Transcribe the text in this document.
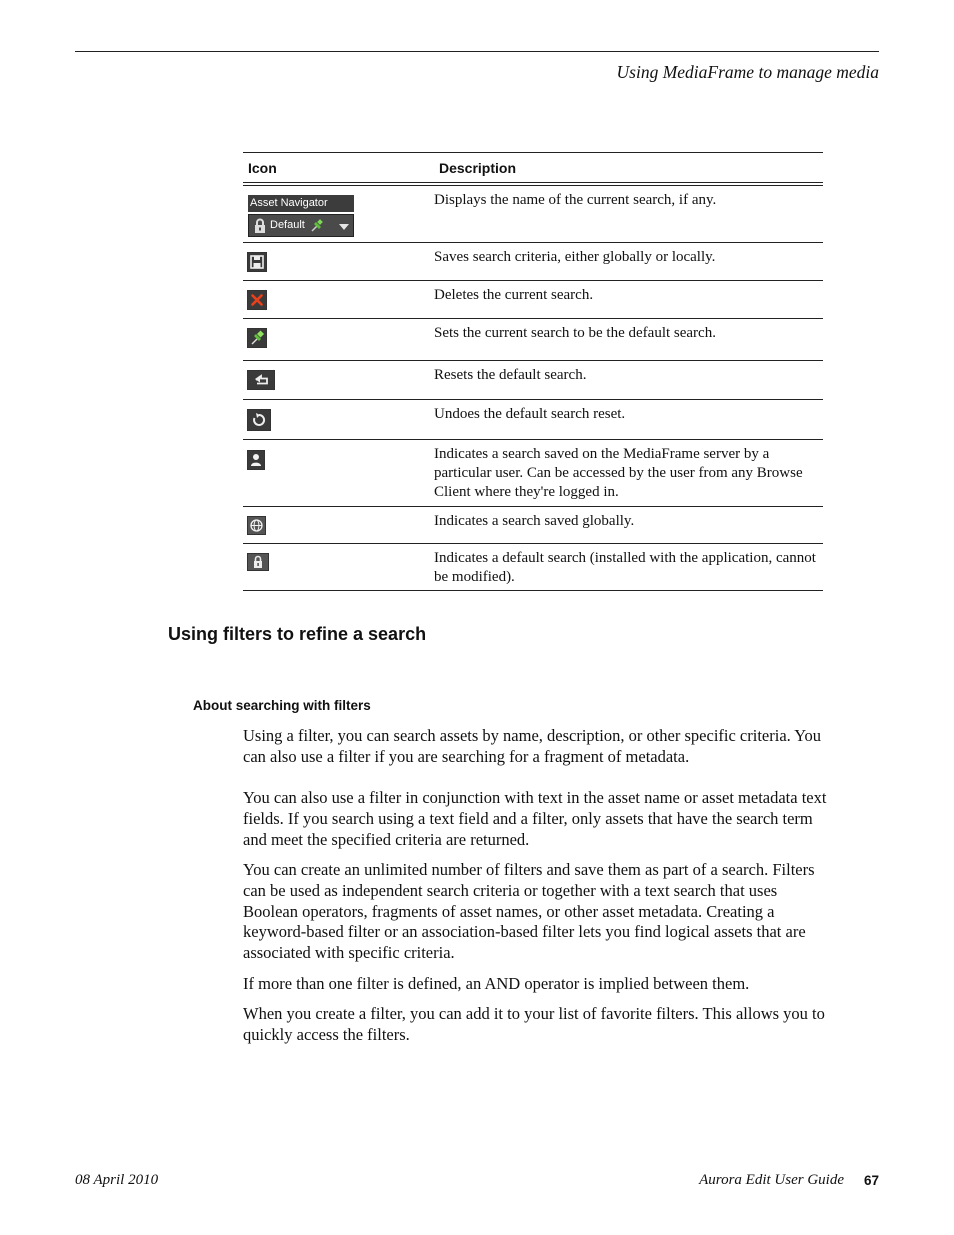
Using MediaFrame to manage media
Icon	Description

Asset Navigator
Default	Displays the name of the current search, if any.

	Saves search criteria, either globally or locally.

	Deletes the current search.

	Sets the current search to be the default search.

	Resets the default search.

	Undoes the default search reset.

	Indicates a search saved on the MediaFrame server by a particular user. Can be accessed by the user from any Browse Client where they're logged in.

	Indicates a search saved globally.

	Indicates a default search (installed with the application, cannot be modified).
Using filters to refine a search
About searching with filters

Using a filter, you can search assets by name, description, or other specific criteria. You can also use a filter if you are searching for a fragment of metadata.

You can also use a filter in conjunction with text in the asset name or asset metadata text fields. If you search using a text field and a filter, only assets that have the search term and meet the specified criteria are returned.

You can create an unlimited number of filters and save them as part of a search. Filters can be used as independent search criteria or together with a text search that uses Boolean operators, fragments of asset names, or other asset metadata. Creating a keyword-based filter or an association-based filter lets you find logical assets that are associated with specific criteria.

If more than one filter is defined, an AND operator is implied between them.

When you create a filter, you can add it to your list of favorite filters. This allows you to quickly access the filters.

08 April 2010	Aurora Edit User Guide 67
